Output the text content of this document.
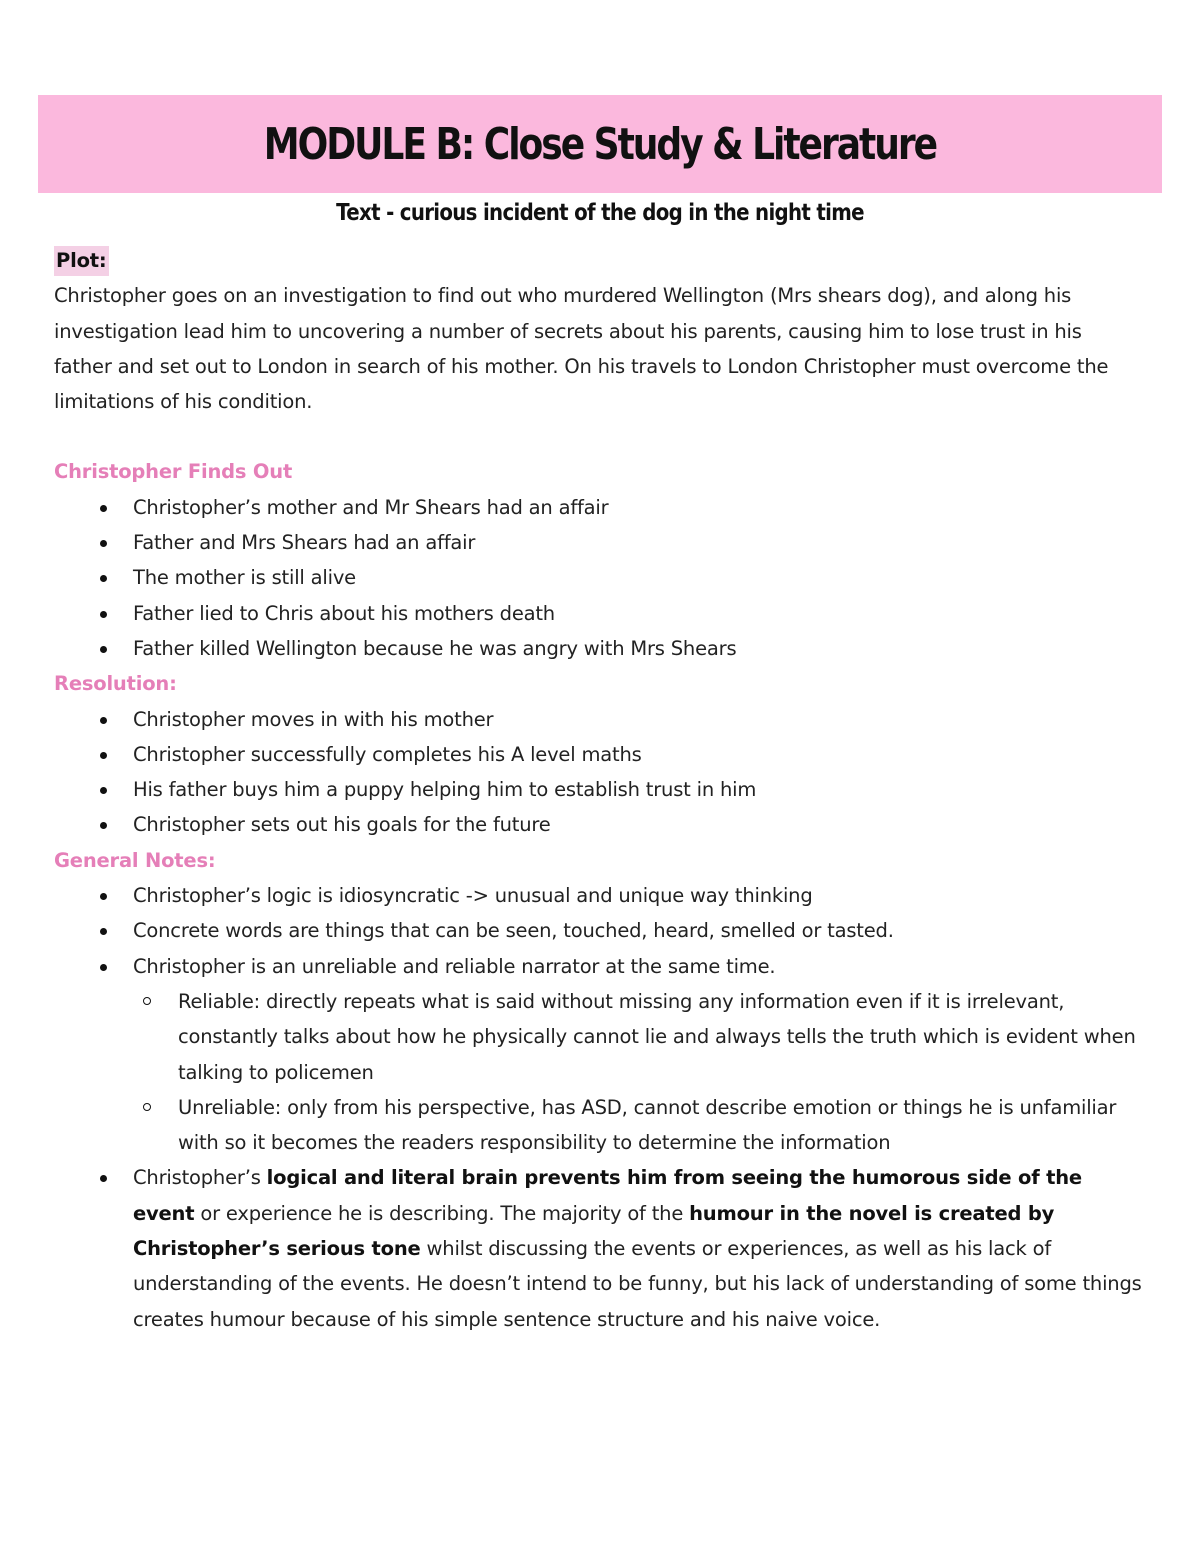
MODULE B: Close Study & Literature
Text - curious incident of the dog in the night time
Plot:

Christopher goes on an investigation to find out who murdered Wellington (Mrs shears dog), and along his investigation lead him to uncovering a number of secrets about his parents, causing him to lose trust in his father and set out to London in search of his mother. On his travels to London Christopher must overcome the limitations of his condition.

Christopher Finds Out
Christopher’s mother and Mr Shears had an affair
Father and Mrs Shears had an affair
The mother is still alive
Father lied to Chris about his mothers death
Father killed Wellington because he was angry with Mrs Shears
Resolution:
Christopher moves in with his mother
Christopher successfully completes his A level maths
His father buys him a puppy helping him to establish trust in him
Christopher sets out his goals for the future
General Notes:
Christopher’s logic is idiosyncratic -> unusual and unique way thinking
Concrete words are things that can be seen, touched, heard, smelled or tasted.
Christopher is an unreliable and reliable narrator at the same time.
Reliable: directly repeats what is said without missing any information even if it is irrelevant, constantly talks about how he physically cannot lie and always tells the truth which is evident when talking to policemen
Unreliable: only from his perspective, has ASD, cannot describe emotion or things he is unfamiliar with so it becomes the readers responsibility to determine the information
Christopher’s logical and literal brain prevents him from seeing the humorous side of the event or experience he is describing. The majority of the humour in the novel is created by Christopher’s serious tone whilst discussing the events or experiences, as well as his lack of understanding of the events. He doesn’t intend to be funny, but his lack of understanding of some things creates humour because of his simple sentence structure and his naive voice.
